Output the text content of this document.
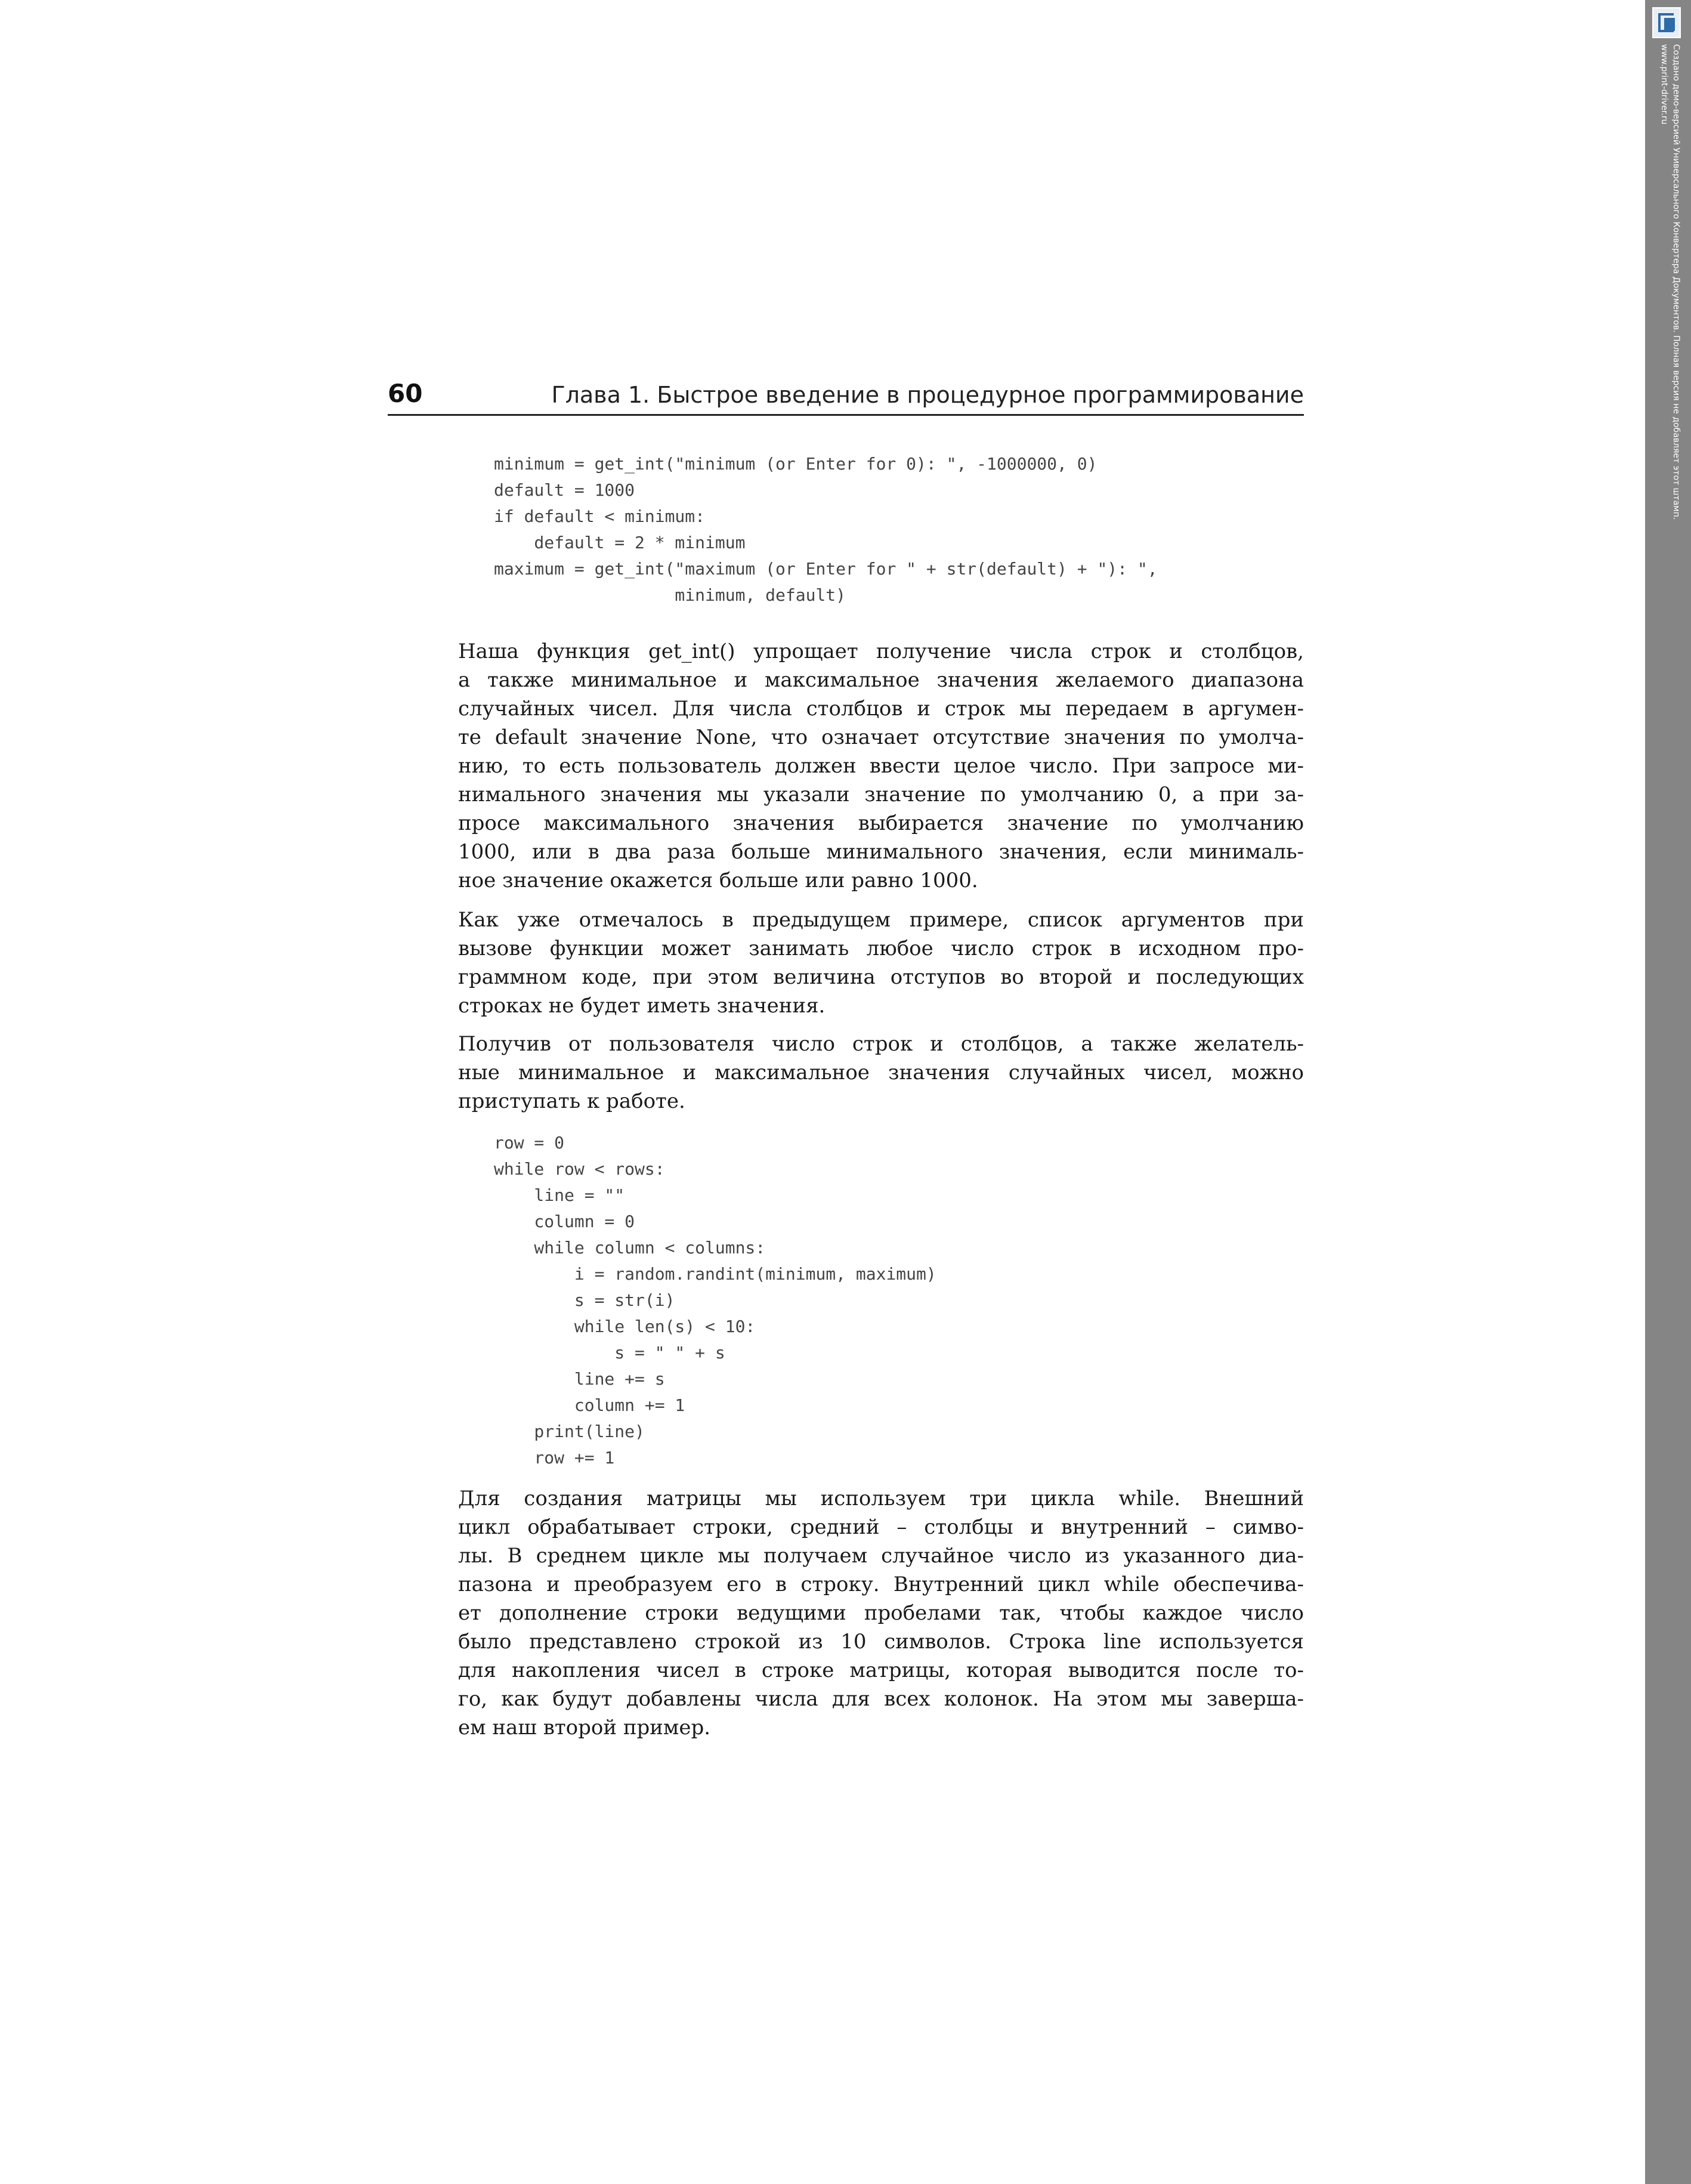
60	Глава 1. Быстрое введение в процедурное программирование
minimum = get_int("minimum (or Enter for 0): ", -1000000, 0)
default = 1000
if default < minimum:
default = 2 * minimum
maximum = get_int("maximum (or Enter for " + str(default) + "): ",
minimum, default)

Наша функция get_int() упрощает получение числа строк и столбцов,
а также минимальное и максимальное значения желаемого диапазона
случайных чисел. Для числа столбцов и строк мы передаем в аргумен-
те default значение None, что означает отсутствие значения по умолча-
нию, то есть пользователь должен ввести целое число. При запросе ми-
нимального значения мы указали значение по умолчанию 0, а при за-
просе максимального значения выбирается значение по умолчанию
1000, или в два раза больше минимального значения, если минималь-
ное значение окажется больше или равно 1000.

Как уже отмечалось в предыдущем примере, список аргументов при
вызове функции может занимать любое число строк в исходном про-
граммном коде, при этом величина отступов во второй и последующих
строках не будет иметь значения.

Получив от пользователя число строк и столбцов, а также желатель-
ные минимальное и максимальное значения случайных чисел, можно
приступать к работе.

row = 0
while row < rows:
line = ""
column = 0
while column < columns:
i = random.randint(minimum, maximum)
s = str(i)
while len(s) < 10:
s = " " + s
line += s
column += 1
print(line)
row += 1

Для создания матрицы мы используем три цикла while. Внешний
цикл обрабатывает строки, средний – столбцы и внутренний – симво-
лы. В среднем цикле мы получаем случайное число из указанного диа-
пазона и преобразуем его в строку. Внутренний цикл while обеспечива-
ет дополнение строки ведущими пробелами так, чтобы каждое число
было представлено строкой из 10 символов. Строка line используется
для накопления чисел в строке матрицы, которая выводится после то-
го, как будут добавлены числа для всех колонок. На этом мы заверша-
ем наш второй пример.

Создано демо-версией Универсального Конвертера Документов. Полная версия не добавляет этот штамп.
www.print-driver.ru
